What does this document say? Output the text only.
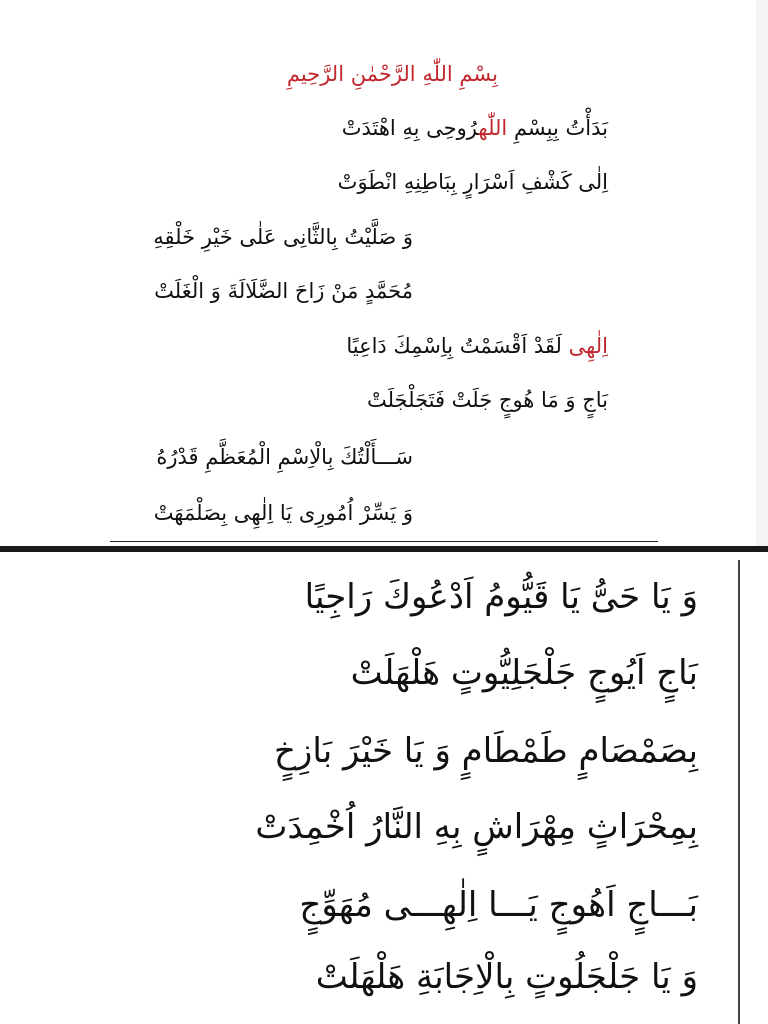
بِسْمِ اللّٰهِ الرَّحْمٰنِ الرَّحِيمِ
بَدَأْتُ بِبِسْمِ اللّٰهرُوحِی بِهِ اهْتَدَتْ
اِلٰی کَشْفِ اَسْرَارٍ بِبَاطِنِهِ انْطَوَتْ
وَ صَلَّیْتُ بِالثَّانِی عَلٰی خَیْرِ خَلْقِهِ
مُحَمَّدٍ مَنْ زَاحَ الضَّلَالَةَ وَ الْغَلَتْ
اِلٰهِی لَقَدْ اَقْسَمْتُ بِاِسْمِكَ دَاعِيًا
بَاجٍ وَ مَا هُوجٍ جَلَتْ فَتَجَلْجَلَتْ
سَـــأَلْتُكَ بِالْاِسْمِ الْمُعَظَّمِ قَدْرُهُ
وَ یَسِّرْ اُمُورِی یَا اِلٰهِی بِصَلْمَهَتْ
وَ یَا حَیُّ یَا قَیُّومُ اَدْعُوكَ رَاجِيًا
بَاجٍ اَیُوجٍ جَلْجَلِیُّوتٍ هَلْهَلَتْ
بِصَمْصَامٍ طَمْطَامٍ وَ یَا خَیْرَ بَازِخٍ
بِمِحْرَاثٍ مِهْرَاشٍ بِهِ النَّارُ اُخْمِدَتْ
بَـــاجٍ اَهُوجٍ يَـــا اِلٰهِـــی مُهَوِّجٍ
وَ یَا جَلْجَلُوتٍ بِالْاِجَابَةِ هَلْهَلَتْ
